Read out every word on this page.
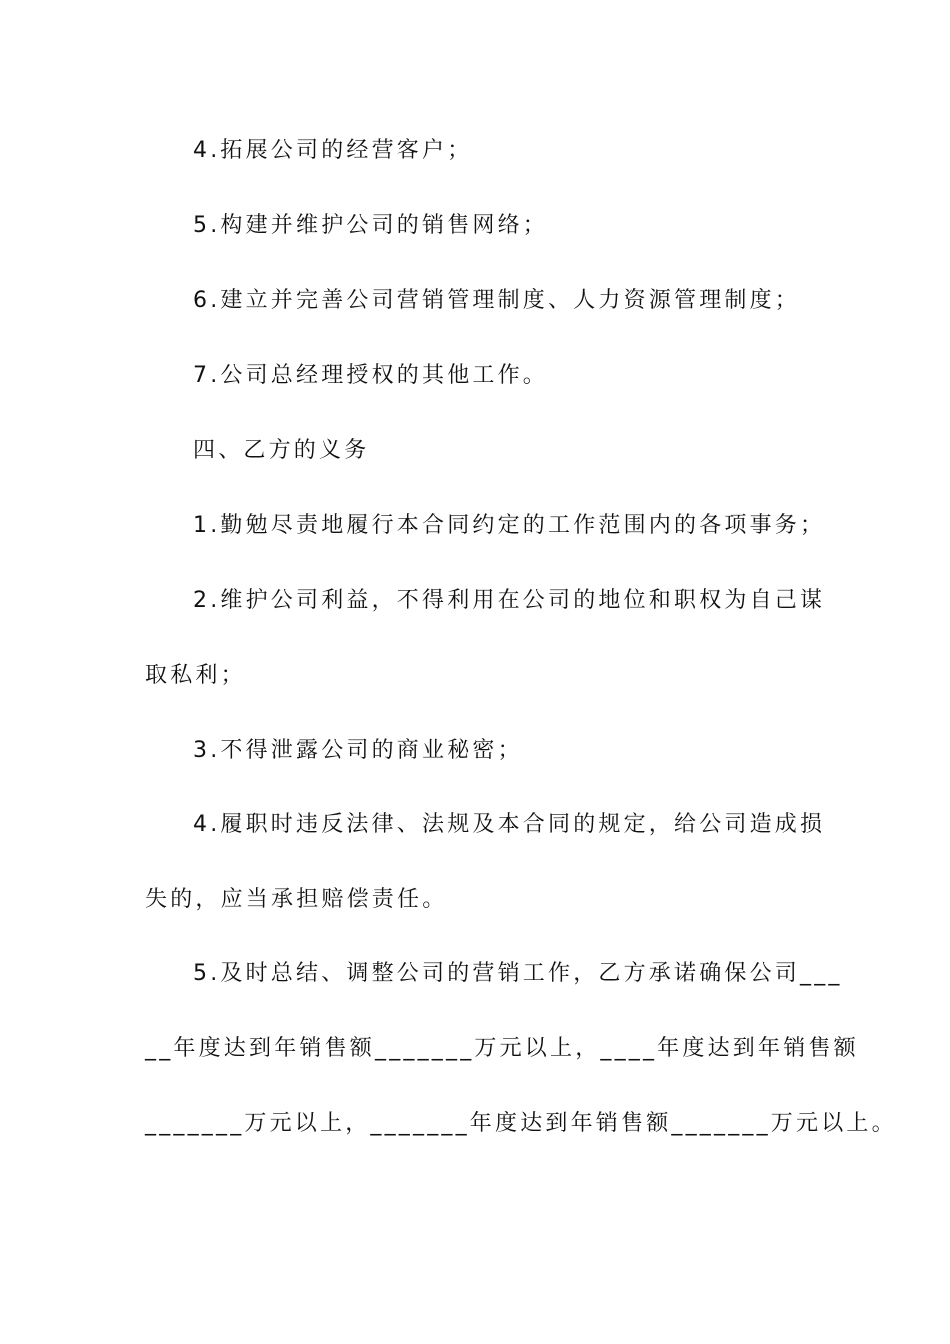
4.拓展公司的经营客户；
5.构建并维护公司的销售网络；
6.建立并完善公司营销管理制度、人力资源管理制度；
7.公司总经理授权的其他工作。
四、乙方的义务
1.勤勉尽责地履行本合同约定的工作范围内的各项事务；
2.维护公司利益，不得利用在公司的地位和职权为自己谋
取私利；
3.不得泄露公司的商业秘密；
4.履职时违反法律、法规及本合同的规定，给公司造成损
失的，应当承担赔偿责任。
5.及时总结、调整公司的营销工作，乙方承诺确保公司___
__年度达到年销售额_______万元以上，____年度达到年销售额
_______万元以上，_______年度达到年销售额_______万元以上。
